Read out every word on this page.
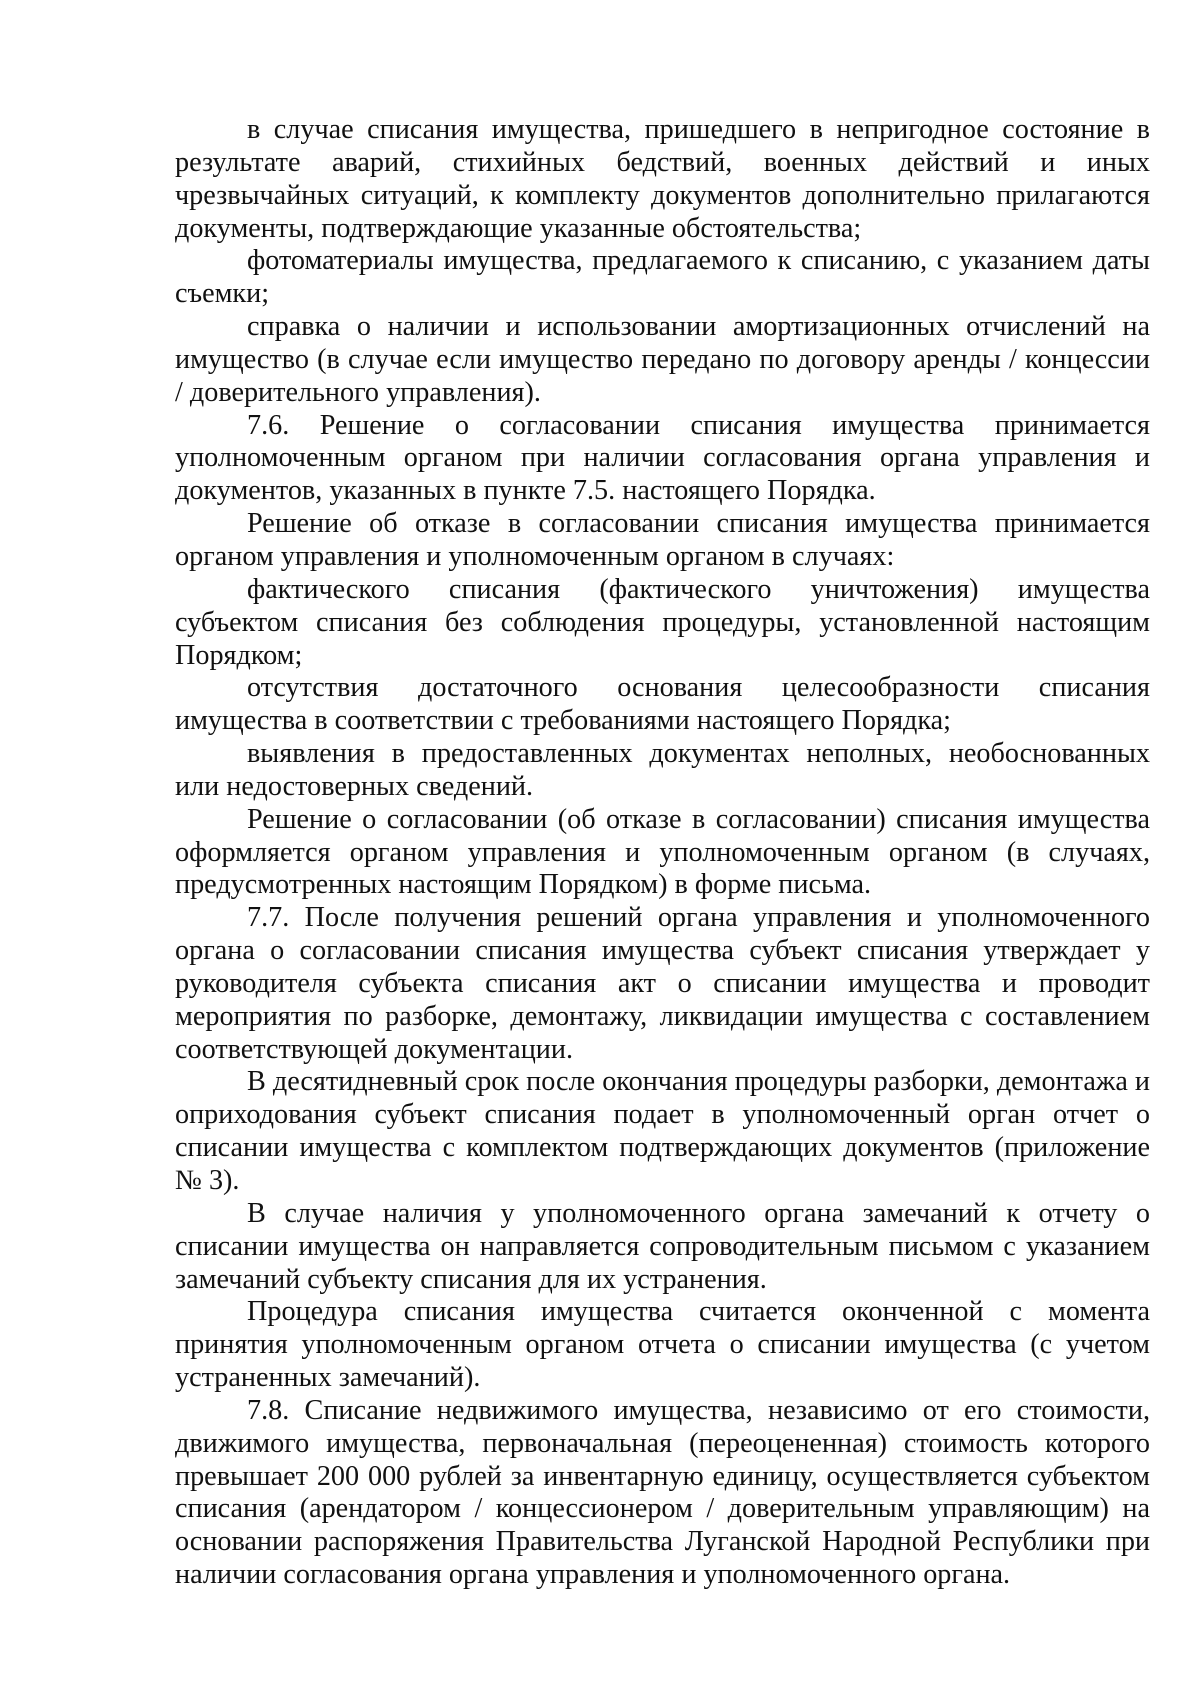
в случае списания имущества, пришедшего в непригодное состояние в результате аварий, стихийных бедствий, военных действий и иных чрезвычайных ситуаций, к комплекту документов дополнительно прилагаются документы, подтверждающие указанные обстоятельства;

фотоматериалы имущества, предлагаемого к списанию, с указанием даты съемки;

справка о наличии и использовании амортизационных отчислений на имущество (в случае если имущество передано по договору аренды / концессии / доверительного управления).

7.6. Решение о согласовании списания имущества принимается уполномоченным органом при наличии согласования органа управления и документов, указанных в пункте 7.5. настоящего Порядка.

Решение об отказе в согласовании списания имущества принимается органом управления и уполномоченным органом в случаях:

фактического списания (фактического уничтожения) имущества субъектом списания без соблюдения процедуры, установленной настоящим Порядком;

отсутствия достаточного основания целесообразности списания имущества в соответствии с требованиями настоящего Порядка;

выявления в предоставленных документах неполных, необоснованных или недостоверных сведений.

Решение о согласовании (об отказе в согласовании) списания имущества оформляется органом управления и уполномоченным органом (в случаях, предусмотренных настоящим Порядком) в форме письма.

7.7. После получения решений органа управления и уполномоченного органа о согласовании списания имущества субъект списания утверждает у руководителя субъекта списания акт о списании имущества и проводит мероприятия по разборке, демонтажу, ликвидации имущества с составлением соответствующей документации.

В десятидневный срок после окончания процедуры разборки, демонтажа и оприходования субъект списания подает в уполномоченный орган отчет о списании имущества с комплектом подтверждающих документов (приложение № 3).

В случае наличия у уполномоченного органа замечаний к отчету о списании имущества он направляется сопроводительным письмом с указанием замечаний субъекту списания для их устранения.

Процедура списания имущества считается оконченной с момента принятия уполномоченным органом отчета о списании имущества (с учетом устраненных замечаний).

7.8. Списание недвижимого имущества, независимо от его стоимости, движимого имущества, первоначальная (переоцененная) стоимость которого превышает 200 000 рублей за инвентарную единицу, осуществляется субъектом списания (арендатором / концессионером / доверительным управляющим) на основании распоряжения Правительства Луганской Народной Республики при наличии согласования органа управления и уполномоченного органа.
